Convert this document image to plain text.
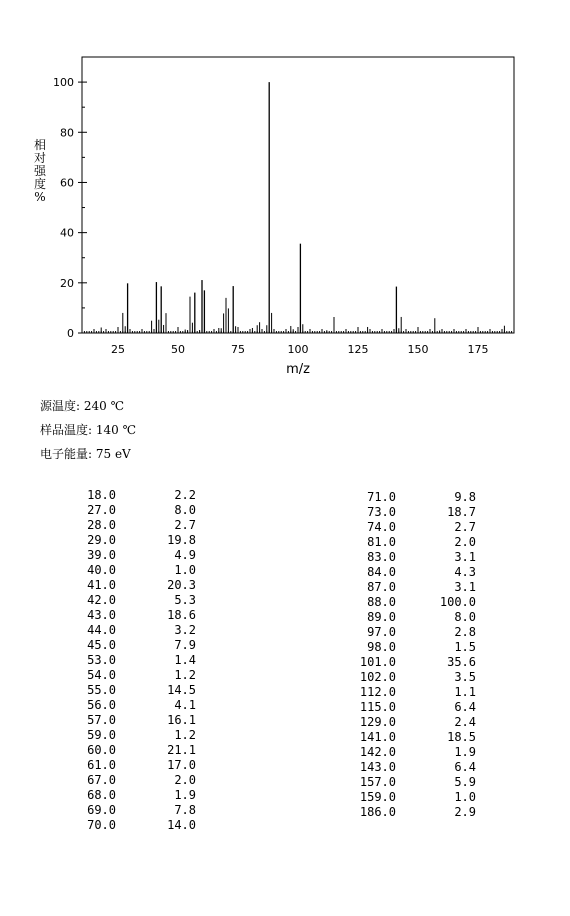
0
20
40
60
80
100
25	50	75	100	125	150	175
m/z
相对强度%
源温度: 240 ℃
样品温度: 140 ℃
电子能量: 75 eV
18.0	2.2
27.0	8.0
28.0	2.7
29.0	19.8
39.0	4.9
40.0	1.0
41.0	20.3
42.0	5.3
43.0	18.6
44.0	3.2
45.0	7.9
53.0	1.4
54.0	1.2
55.0	14.5
56.0	4.1
57.0	16.1
59.0	1.2
60.0	21.1
61.0	17.0
67.0	2.0
68.0	1.9
69.0	7.8
70.0	14.0
71.0	9.8
73.0	18.7
74.0	2.7
81.0	2.0
83.0	3.1
84.0	4.3
87.0	3.1
88.0	100.0
89.0	8.0
97.0	2.8
98.0	1.5
101.0	35.6
102.0	3.5
112.0	1.1
115.0	6.4
129.0	2.4
141.0	18.5
142.0	1.9
143.0	6.4
157.0	5.9
159.0	1.0
186.0	2.9
